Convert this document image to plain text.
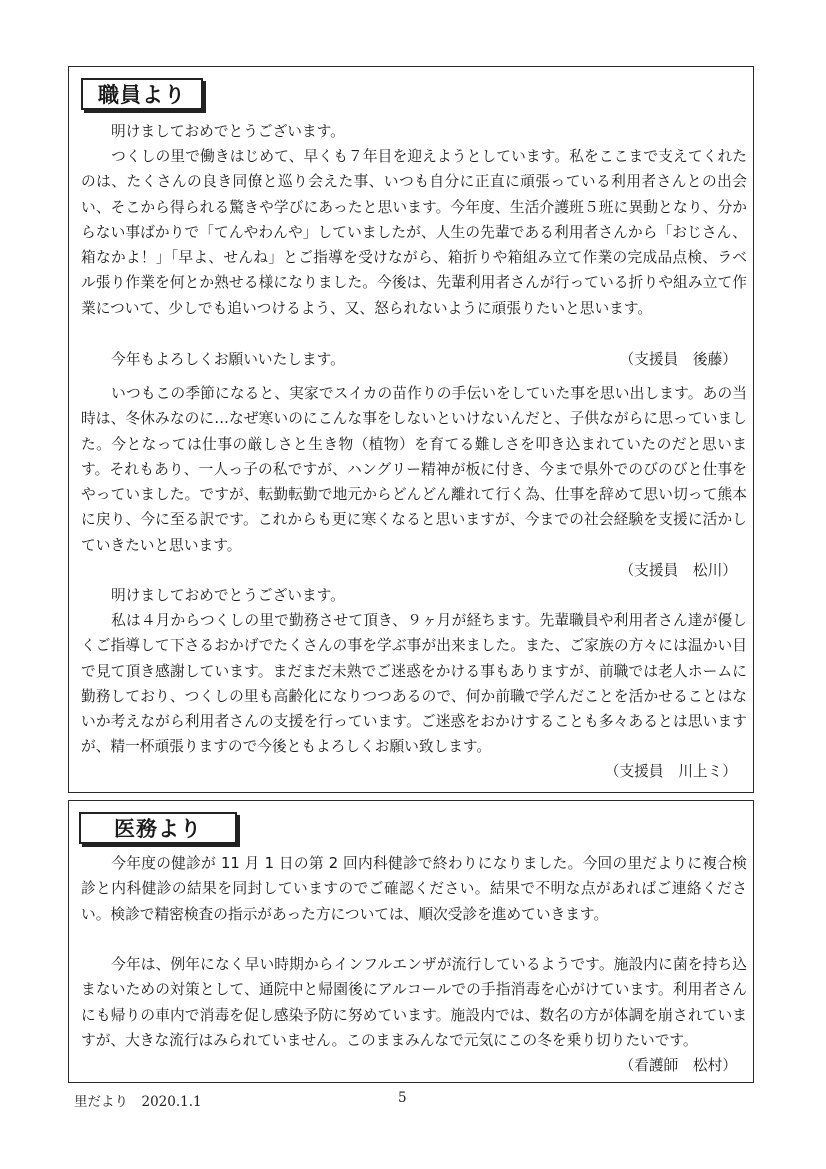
職員より

明けましておめでとうございます。

つくしの里で働きはじめて、早くも７年目を迎えようとしています。私をここまで支えてくれたのは、たくさんの良き同僚と巡り会えた事、いつも自分に正直に頑張っている利用者さんとの出会い、そこから得られる驚きや学びにあったと思います。今年度、生活介護班５班に異動となり、分からない事ばかりで「てんやわんや」していましたが、人生の先輩である利用者さんから「おじさん、箱なかよ！」「早よ、せんね」とご指導を受けながら、箱折りや箱組み立て作業の完成品点検、ラベル張り作業を何とか熟せる様になりました。今後は、先輩利用者さんが行っている折りや組み立て作業について、少しでも追いつけるよう、又、怒られないように頑張りたいと思います。

今年もよろしくお願いいたします。	（支援員　後藤）

いつもこの季節になると、実家でスイカの苗作りの手伝いをしていた事を思い出します。あの当時は、冬休みなのに…なぜ寒いのにこんな事をしないといけないんだと、子供ながらに思っていました。今となっては仕事の厳しさと生き物（植物）を育てる難しさを叩き込まれていたのだと思います。それもあり、一人っ子の私ですが、ハングリー精神が板に付き、今まで県外でのびのびと仕事をやっていました。ですが、転勤転勤で地元からどんどん離れて行く為、仕事を辞めて思い切って熊本に戻り、今に至る訳です。これからも更に寒くなると思いますが、今までの社会経験を支援に活かしていきたいと思います。

（支援員　松川）

明けましておめでとうございます。

私は４月からつくしの里で勤務させて頂き、９ヶ月が経ちます。先輩職員や利用者さん達が優しくご指導して下さるおかげでたくさんの事を学ぶ事が出来ました。また、ご家族の方々には温かい目で見て頂き感謝しています。まだまだ未熟でご迷惑をかける事もありますが、前職では老人ホームに勤務しており、つくしの里も高齢化になりつつあるので、何か前職で学んだことを活かせることはないか考えながら利用者さんの支援を行っています。ご迷惑をおかけすることも多々あるとは思いますが、精一杯頑張りますので今後ともよろしくお願い致します。

（支援員　川上ミ）
医務より

今年度の健診が 11 月 1 日の第 2 回内科健診で終わりになりました。今回の里だよりに複合検診と内科健診の結果を同封していますのでご確認ください。結果で不明な点があればご連絡ください。検診で精密検査の指示があった方については、順次受診を進めていきます。

今年は、例年になく早い時期からインフルエンザが流行しているようです。施設内に菌を持ち込まないための対策として、通院中と帰園後にアルコールでの手指消毒を心がけています。利用者さんにも帰りの車内で消毒を促し感染予防に努めています。施設内では、数名の方が体調を崩されていますが、大きな流行はみられていません。このままみんなで元気にこの冬を乗り切りたいです。

（看護師　松村）
里だより　2020.1.1	5
